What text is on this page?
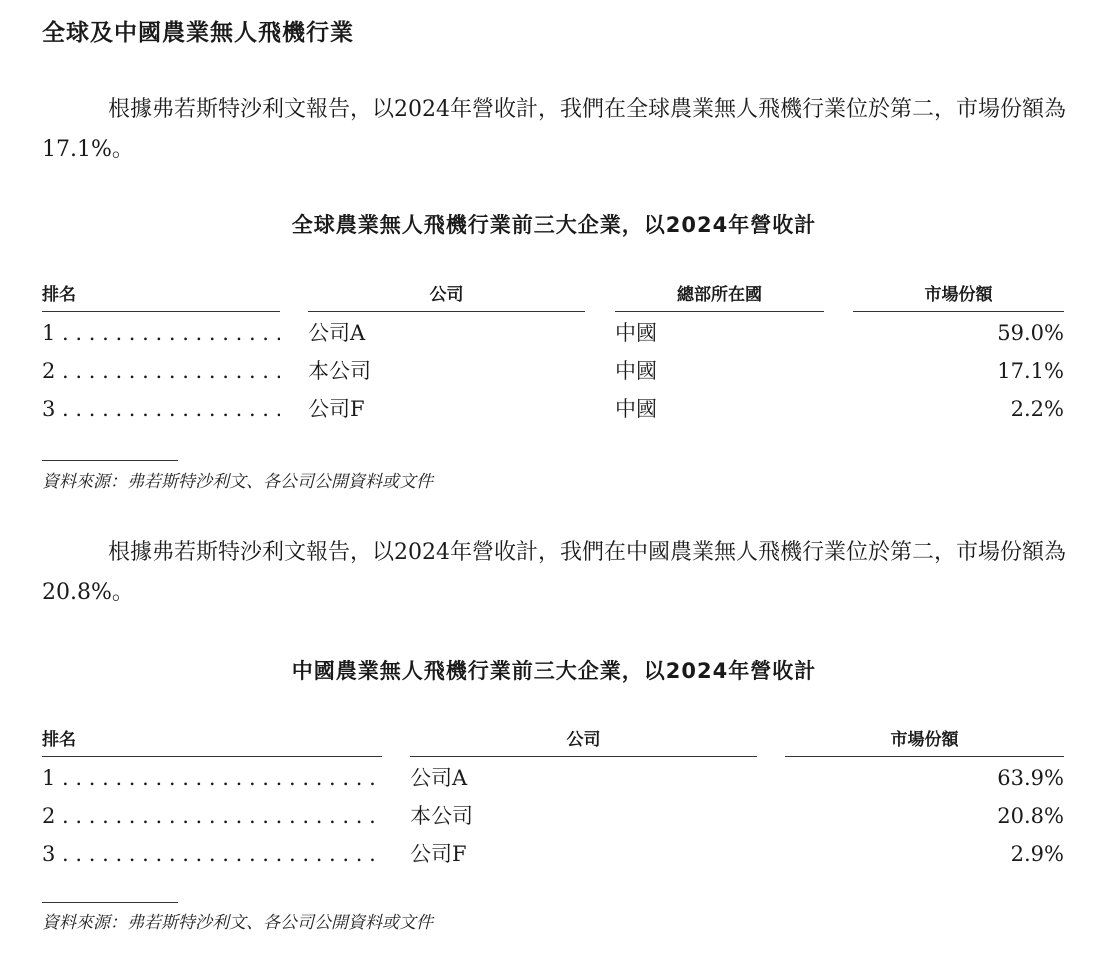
全球及中國農業無人飛機行業

根據弗若斯特沙利文報告，以2024年營收計，我們在全球農業無人飛機行業位於第二，市場份額為17.1%。

全球農業無人飛機行業前三大企業，以2024年營收計
排名	公司	總部所在國	市場份額
1 . . .	公司A	中國	59.0%
2 . . .	本公司	中國	17.1%
3 . . .	公司F	中國	2.2%
資料來源：弗若斯特沙利文、各公司公開資料或文件

根據弗若斯特沙利文報告，以2024年營收計，我們在中國農業無人飛機行業位於第二，市場份額為20.8%。

中國農業無人飛機行業前三大企業，以2024年營收計
排名	公司	市場份額
1 . . .	公司A	63.9%
2 . . .	本公司	20.8%
3 . . .	公司F	2.9%
資料來源：弗若斯特沙利文、各公司公開資料或文件
